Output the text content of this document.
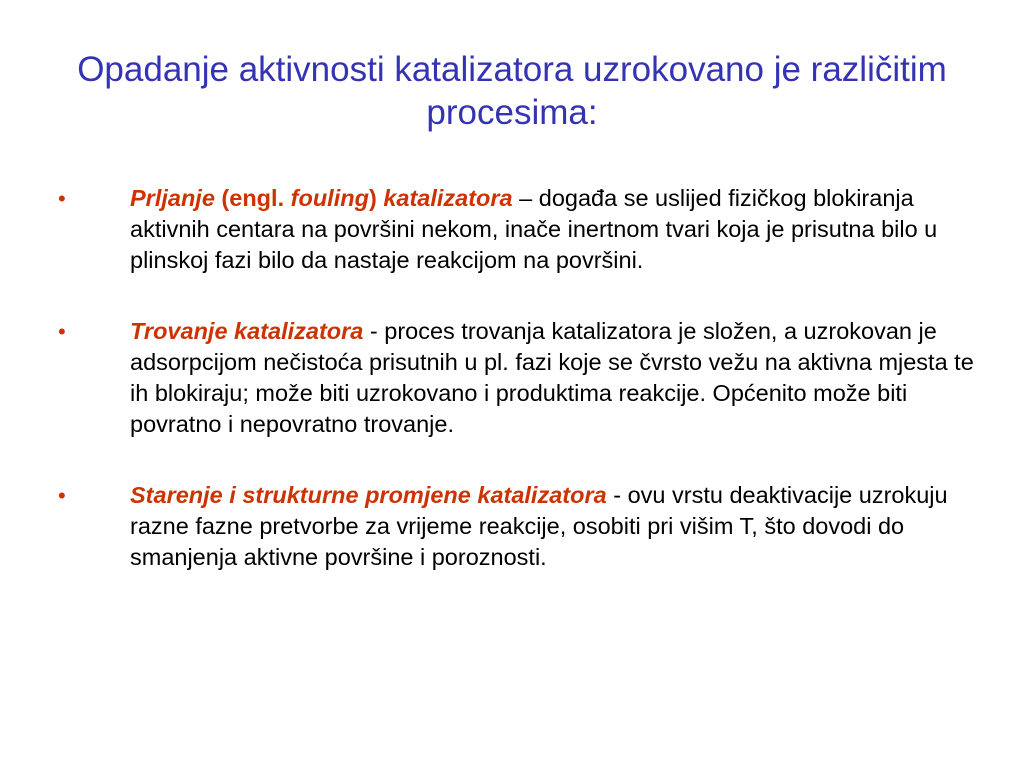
Opadanje aktivnosti katalizatora uzrokovano je različitim procesima:
•	Prljanje (engl. fouling) katalizatora – događa se uslijed fizičkog blokiranja aktivnih centara na površini nekom, inače inertnom tvari koja je prisutna bilo u plinskoj fazi bilo da nastaje reakcijom na površini.
•	Trovanje katalizatora - proces trovanja katalizatora je složen, a uzrokovan je adsorpcijom nečistoća prisutnih u pl. fazi koje se čvrsto vežu na aktivna mjesta te ih blokiraju; može biti uzrokovano i produktima reakcije. Općenito može biti povratno i nepovratno trovanje.
•	Starenje i strukturne promjene katalizatora - ovu vrstu deaktivacije uzrokuju razne fazne pretvorbe za vrijeme reakcije, osobiti pri višim T, što dovodi do smanjenja aktivne površine i poroznosti.
